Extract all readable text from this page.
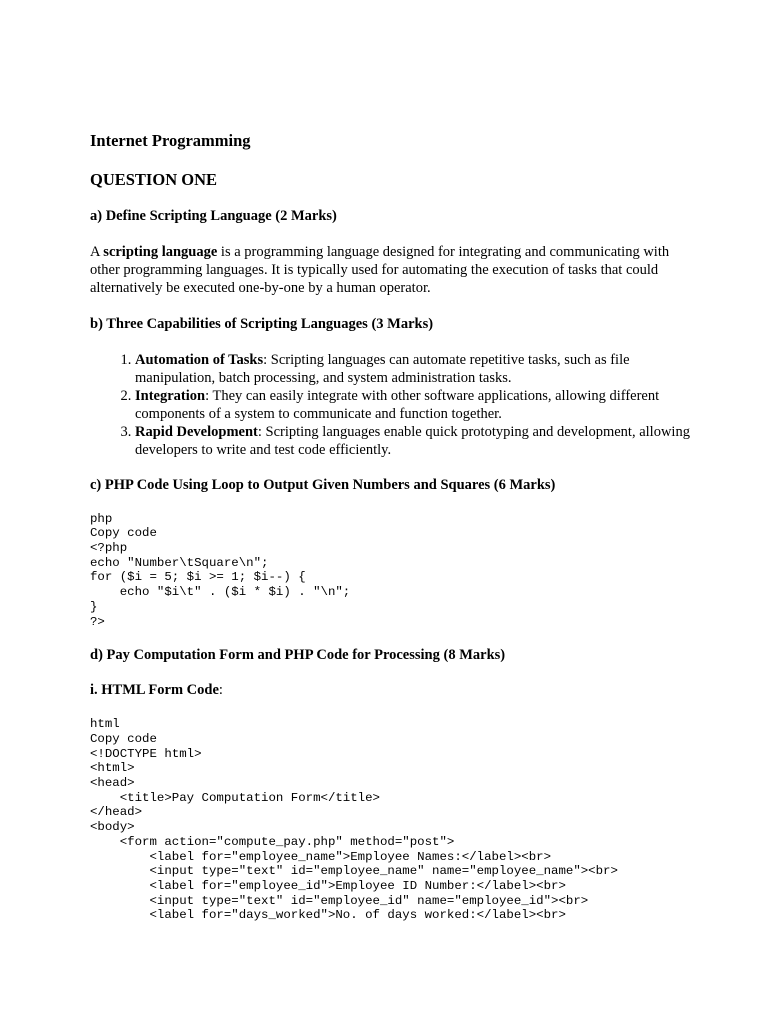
Internet Programming
QUESTION ONE
a) Define Scripting Language (2 Marks)
A scripting language is a programming language designed for integrating and communicating with other programming languages. It is typically used for automating the execution of tasks that could alternatively be executed one-by-one by a human operator.
b) Three Capabilities of Scripting Languages (3 Marks)
1. Automation of Tasks: Scripting languages can automate repetitive tasks, such as file manipulation, batch processing, and system administration tasks.
2. Integration: They can easily integrate with other software applications, allowing different components of a system to communicate and function together.
3. Rapid Development: Scripting languages enable quick prototyping and development, allowing developers to write and test code efficiently.
c) PHP Code Using Loop to Output Given Numbers and Squares (6 Marks)
php
Copy code
<?php
echo "Number\tSquare\n";
for ($i = 5; $i >= 1; $i--) {
echo "$i\t" . ($i * $i) . "\n";
}
?>
d) Pay Computation Form and PHP Code for Processing (8 Marks)
i. HTML Form Code:
html
Copy code
<!DOCTYPE html>
<html>
<head>
<title>Pay Computation Form</title>
</head>
<body>
<form action="compute_pay.php" method="post">
<label for="employee_name">Employee Names:</label><br>
<input type="text" id="employee_name" name="employee_name"><br>
<label for="employee_id">Employee ID Number:</label><br>
<input type="text" id="employee_id" name="employee_id"><br>
<label for="days_worked">No. of days worked:</label><br>
